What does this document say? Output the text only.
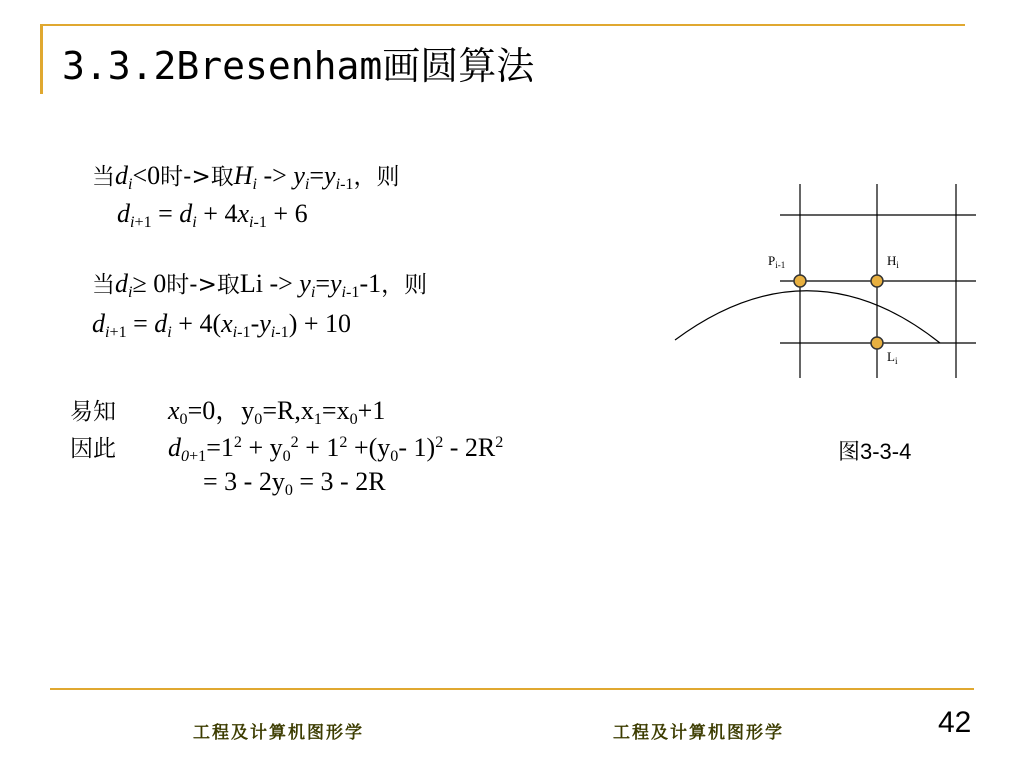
3.3.2Bresenham画圆算法
当$d_i<0$时->取$H_i -> y_i=y_{i-1}$，则
$d_{i+1} = d_i + 4x_{i-1} + 6$
当$d_i\ge 0$时->取$Li -> y_i=y_{i-1}-1$，则
$d_{i+1} = d_i + 4(x_{i-1}-y_{i-1}) + 10$
易知 $x_0=0$，$y_0=R,x_1=x_0+1$
因此 $d_{0+1}=1^2 + y_0^2 + 1^2 +(y_0-$ $1)^2 - 2R^2$
= $3 - 2y_0 = 3 - 2R$
$P_{i-1}$	$H_i$
$L_i$
图3-3-4
工程及计算机图形学	工程及计算机图形学	42
